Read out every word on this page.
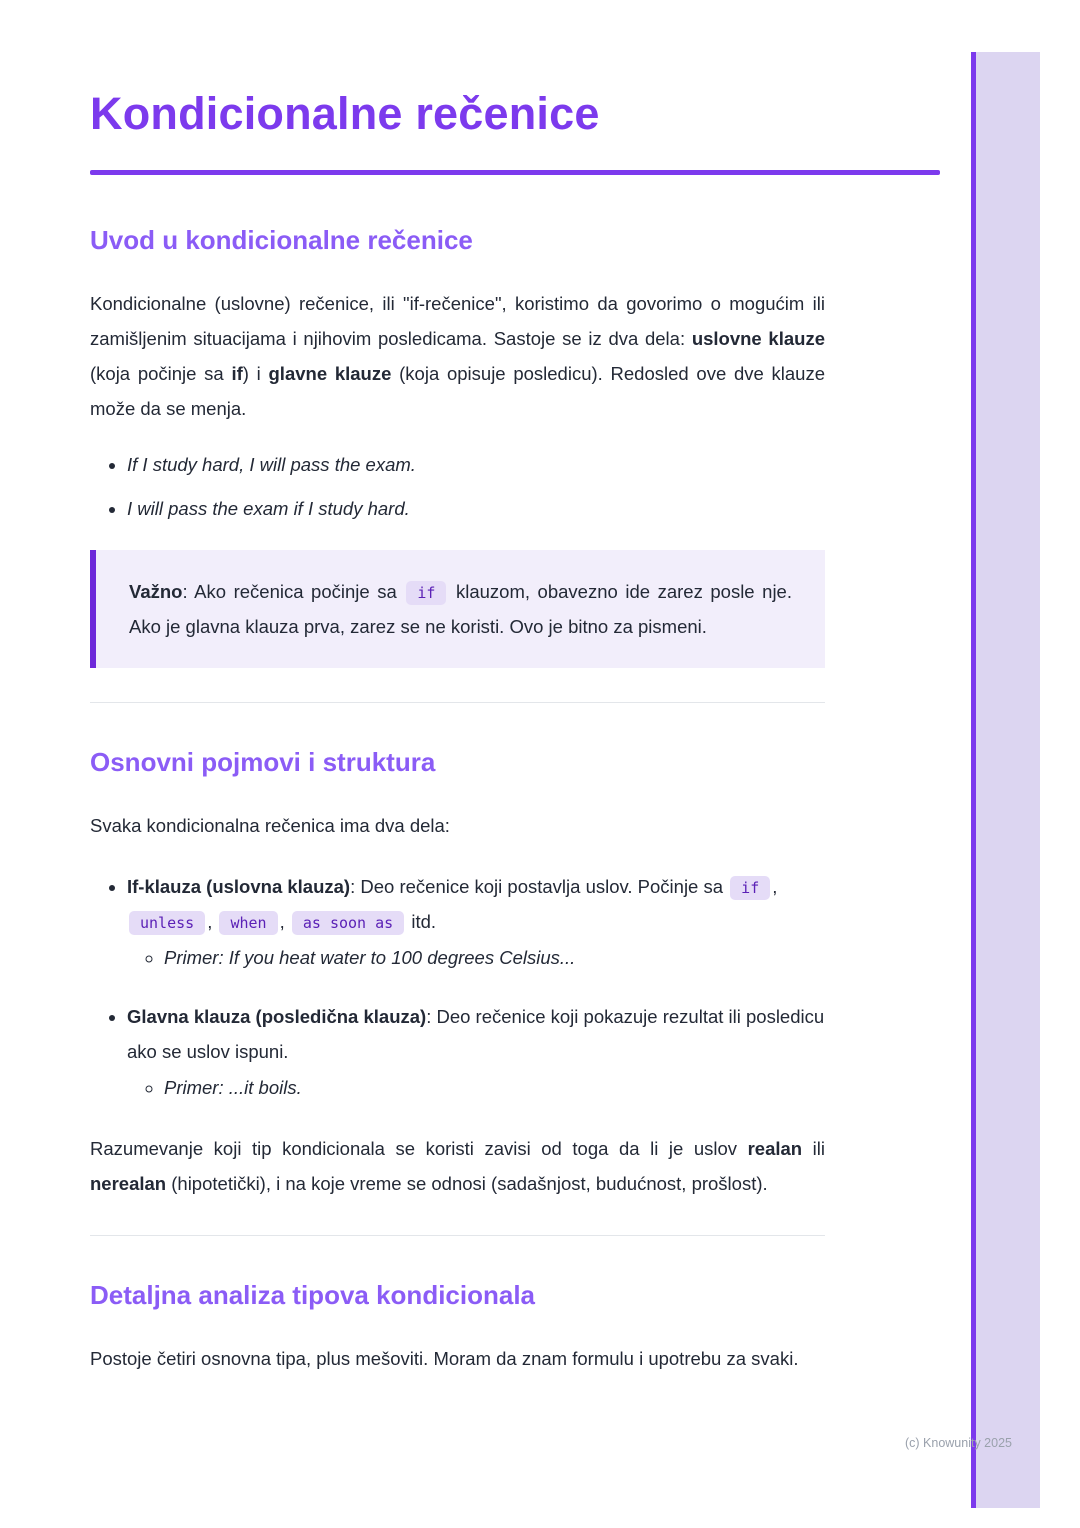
Kondicionalne rečenice
Uvod u kondicionalne rečenice

Kondicionalne (uslovne) rečenice, ili "if-rečenice", koristimo da govorimo o mogućim ili zamišljenim situacijama i njihovim posledicama. Sastoje se iz dva dela: uslovne klauze (koja počinje sa if) i glavne klauze (koja opisuje posledicu). Redosled ove dve klauze može da se menja.

• If I study hard, I will pass the exam.
• I will pass the exam if I study hard.

Važno: Ako rečenica počinje sa if klauzom, obavezno ide zarez posle nje. Ako je glavna klauza prva, zarez se ne koristi. Ovo je bitno za pismeni.

Osnovni pojmovi i struktura

Svaka kondicionalna rečenica ima dva dela:

• If-klauza (uslovna klauza): Deo rečenice koji postavlja uslov. Počinje sa if , unless , when , as soon as itd.
◦ Primer: If you heat water to 100 degrees Celsius...
• Glavna klauza (posledična klauza): Deo rečenice koji pokazuje rezultat ili posledicu ako se uslov ispuni.
◦ Primer: ...it boils.

Razumevanje koji tip kondicionala se koristi zavisi od toga da li je uslov realan ili nerealan (hipotetički), i na koje vreme se odnosi (sadašnjost, budućnost, prošlost).

Detaljna analiza tipova kondicionala

Postoje četiri osnovna tipa, plus mešoviti. Moram da znam formulu i upotrebu za svaki.

(c) Knowunity 2025
